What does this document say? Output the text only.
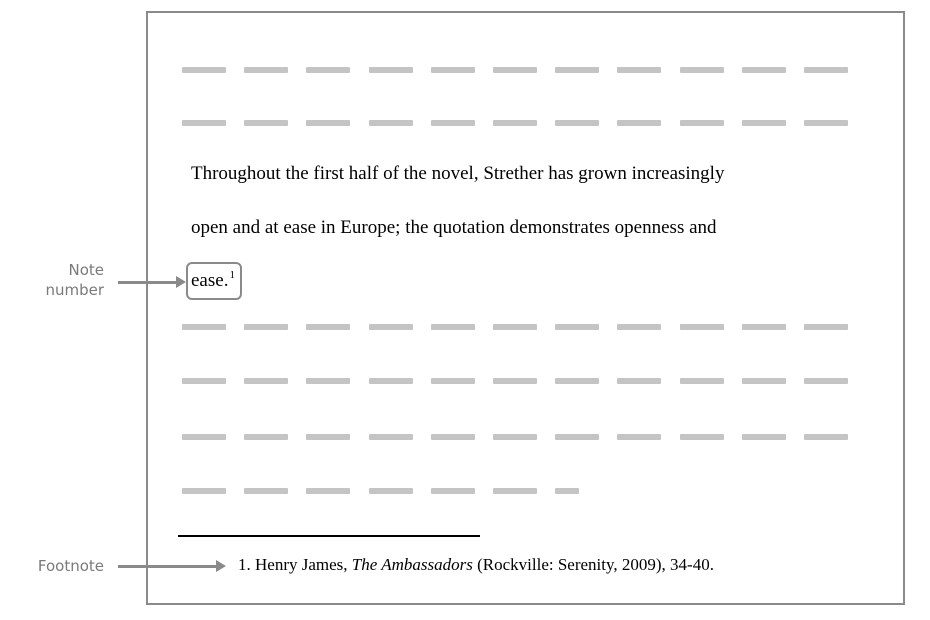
Throughout the first half of the novel, Strether has grown increasingly
open and at ease in Europe; the quotation demonstrates openness and
ease.$^1$
Note
number
Footnote	1. Henry James, The Ambassadors (Rockville: Serenity, 2009), 34-40.
